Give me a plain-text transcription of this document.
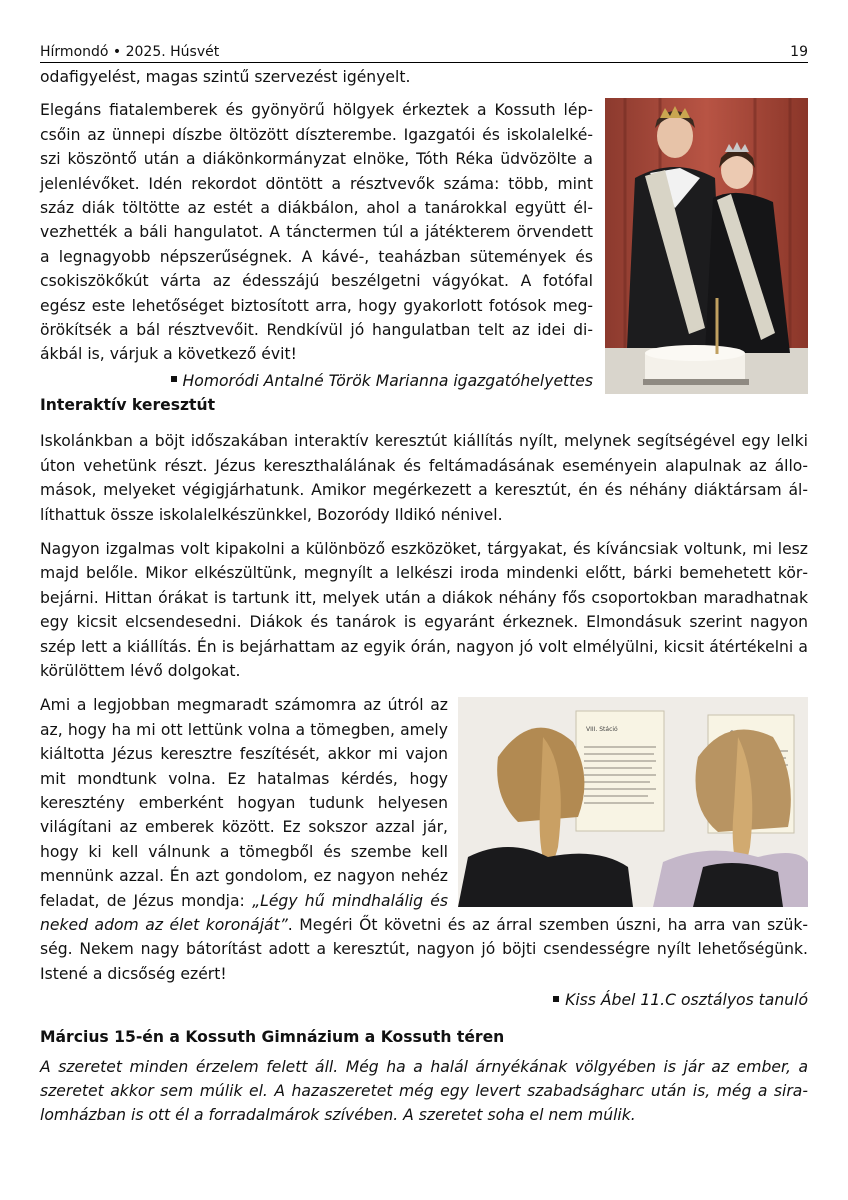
Hírmondó • 2025. Húsvét	19

odafigyelést, magas szintű szervezést igényelt.

Elegáns fiatalemberek és gyönyörű hölgyek érkeztek a Kossuth lépcsőin az ünnepi díszbe öltözött díszterembe. Igazgatói és iskolalelkészi köszöntő után a diákönkormányzat elnöke, Tóth Réka üdvözölte a jelenlévőket. Idén rekordot döntött a résztvevők száma: több, mint száz diák töltötte az estét a diákbálon, ahol a tanárokkal együtt élvezhették a báli hangulatot. A tánctermen túl a játékterem örvendett a legnagyobb népszerűségnek. A kávé-, teaházban sütemények és csokiszökőkút várta az édesszájú beszélgetni vágyókat. A fotófal egész este lehetőséget biztosított arra, hogy gyakorlott fotósok megörökítsék a bál résztvevőit. Rendkívül jó hangulatban telt az idei diákbál is, várjuk a következő évit!

Homoródi Antalné Török Marianna igazgatóhelyettes

Interaktív keresztút

Iskolánkban a böjt időszakában interaktív keresztút kiállítás nyílt, melynek segítségével egy lelki úton vehetünk részt. Jézus kereszthalálának és feltámadásának eseményein alapulnak az állomások, melyeket végigjárhatunk. Amikor megérkezett a keresztút, én és néhány diáktársam állíthattuk össze iskolalelkészünkkel, Bozoródy Ildikó nénivel.

Nagyon izgalmas volt kipakolni a különböző eszközöket, tárgyakat, és kíváncsiak voltunk, mi lesz majd belőle. Mikor elkészültünk, megnyílt a lelkészi iroda mindenki előtt, bárki bemehetett körbejárni. Hittan órákat is tartunk itt, melyek után a diákok néhány fős csoportokban maradhatnak egy kicsit elcsendesedni. Diákok és tanárok is egyaránt érkeznek. Elmondásuk szerint nagyon szép lett a kiállítás. Én is bejárhattam az egyik órán, nagyon jó volt elmélyülni, kicsit átértékelni a körülöttem lévő dolgokat.

VIII. Stáció

Ami a legjobban megmaradt számomra az útról az az, hogy ha mi ott lettünk volna a tömegben, amely kiáltotta Jézus keresztre feszítését, akkor mi vajon mit mondtunk volna. Ez hatalmas kérdés, hogy keresztény emberként hogyan tudunk helyesen világítani az emberek között. Ez sokszor azzal jár, hogy ki kell válnunk a tömegből és szembe kell mennünk azzal. Én azt gondolom, ez nagyon nehéz feladat, de Jézus mondja: „Légy hű mindhalálig és neked adom az élet koronáját”. Megéri Őt követni és az árral szemben úszni, ha arra van szükség. Nekem nagy bátorítást adott a keresztút, nagyon jó böjti csendességre nyílt lehetőségünk. Istené a dicsőség ezért!

Kiss Ábel 11.C osztályos tanuló

Március 15-én a Kossuth Gimnázium a Kossuth téren

A szeretet minden érzelem felett áll. Még ha a halál árnyékának völgyében is jár az ember, a szeretet akkor sem múlik el. A hazaszeretet még egy levert szabadságharc után is, még a siralomházban is ott él a forradalmárok szívében. A szeretet soha el nem múlik.
